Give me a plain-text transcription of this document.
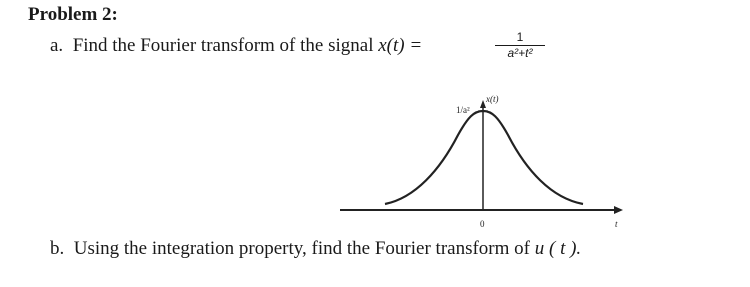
Problem 2:
a. Find the Fourier transform of the signal x(t) =	1
a²+t²
x(t)
1/a²
0	t
b. Using the integration property, find the Fourier transform of u ( t ).
